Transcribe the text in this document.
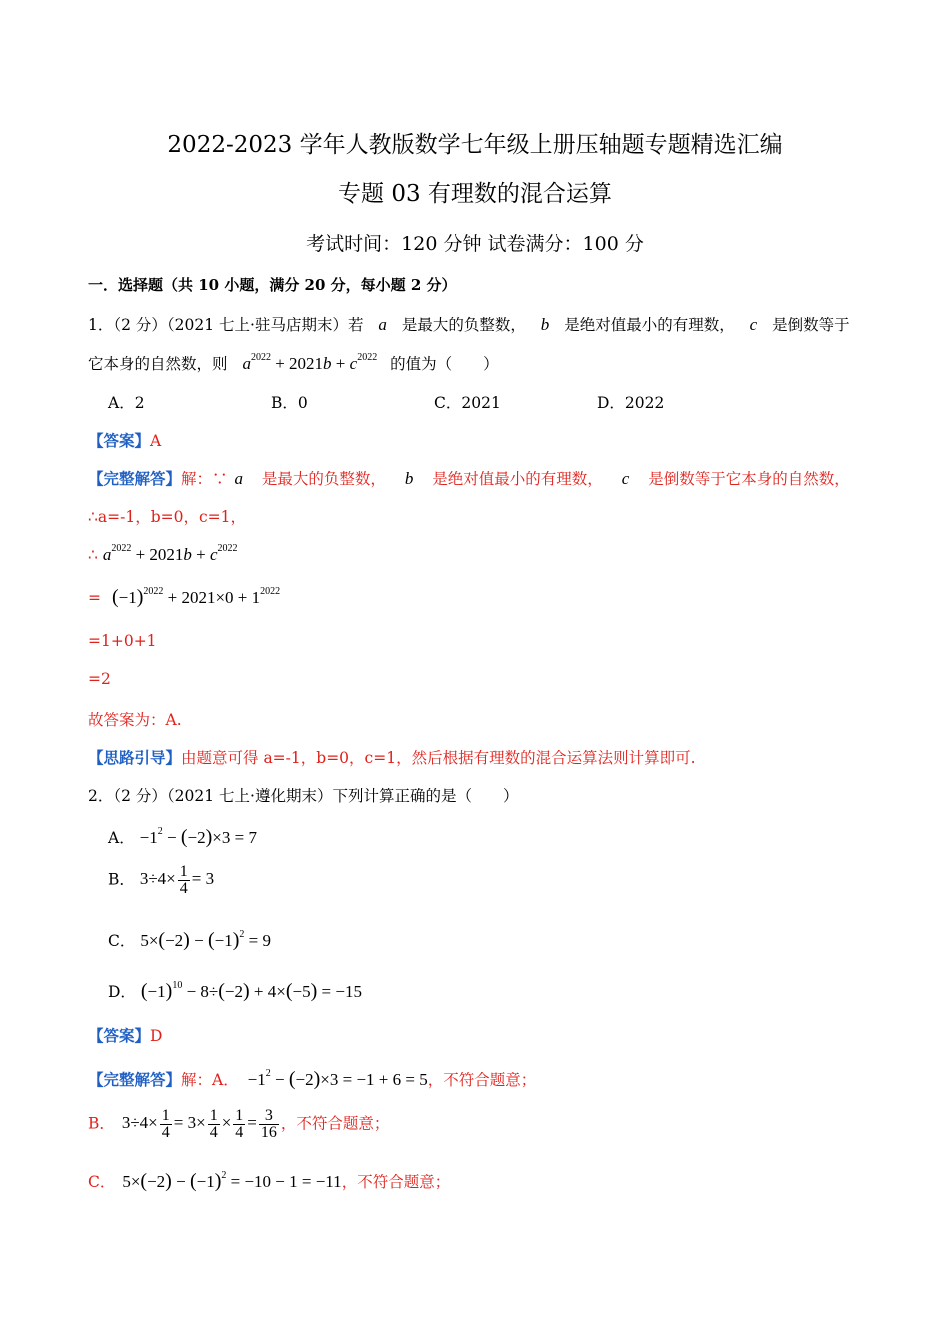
2022-2023 学年人教版数学七年级上册压轴题专题精选汇编
专题 03 有理数的混合运算
考试时间：120 分钟 试卷满分：100 分
一．选择题（共 10 小题，满分 20 分，每小题 2 分）
1．（2 分）（2021 七上·驻马店期末）若 a 是最大的负整数， b 是绝对值最小的有理数， c 是倒数等于
它本身的自然数，则 $a^{2022} + 2021b + c^{2022}$ 的值为（　　）
A．2	B．0	C．2021	D．2022
【答案】A
【完整解答】解：∵ a 是最大的负整数， b 是绝对值最小的有理数， c 是倒数等于它本身的自然数，
∴a=-1，b=0，c=1，
∴ $a^{2022} + 2021b + c^{2022}$
= $(-1)^{2022} + 2021\times 0 + 1^{2022}$
=1+0+1
=2
故答案为：A.
【思路引导】由题意可得 a=-1，b=0，c=1，然后根据有理数的混合运算法则计算即可.
2．（2 分）（2021 七上·遵化期末）下列计算正确的是（　　）
A． $-1^2 - (-2)\times 3 = 7$
B． $3\div 4\times \frac{1}{4} = 3$
C． $5\times(-2) - (-1)^2 = 9$
D． $(-1)^{10} - 8\div(-2) + 4\times(-5) = -15$
【答案】D
【完整解答】解：A． $-1^2 - (-2)\times 3 = -1 + 6 = 5$，不符合题意；
B． $3\div 4\times \frac{1}{4} = 3\times \frac{1}{4} \times \frac{1}{4} = \frac{3}{16}$ ，不符合题意；
C． $5\times(-2) - (-1)^2 = -10 - 1 = -11$，不符合题意；
